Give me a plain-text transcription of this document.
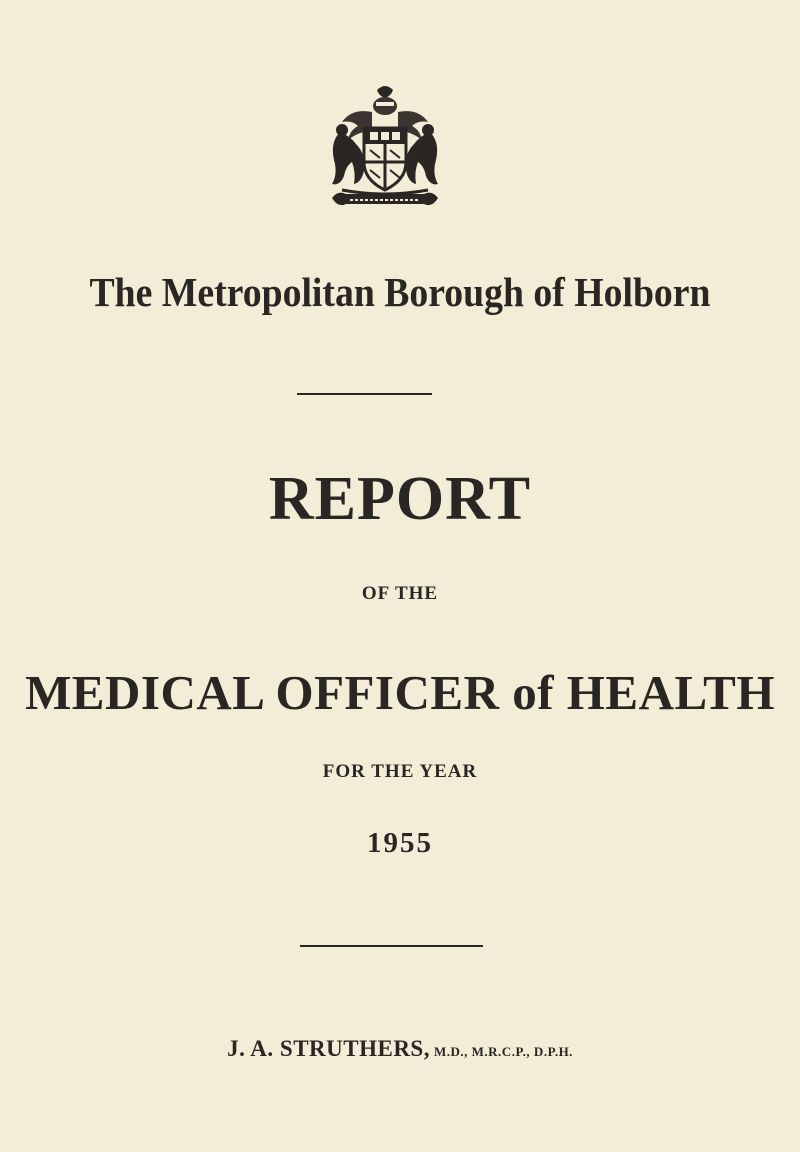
The Metropolitan Borough of Holborn
REPORT
OF THE
MEDICAL OFFICER of HEALTH
FOR THE YEAR
1955
J. A. STRUTHERS, M.D., M.R.C.P., D.P.H.
